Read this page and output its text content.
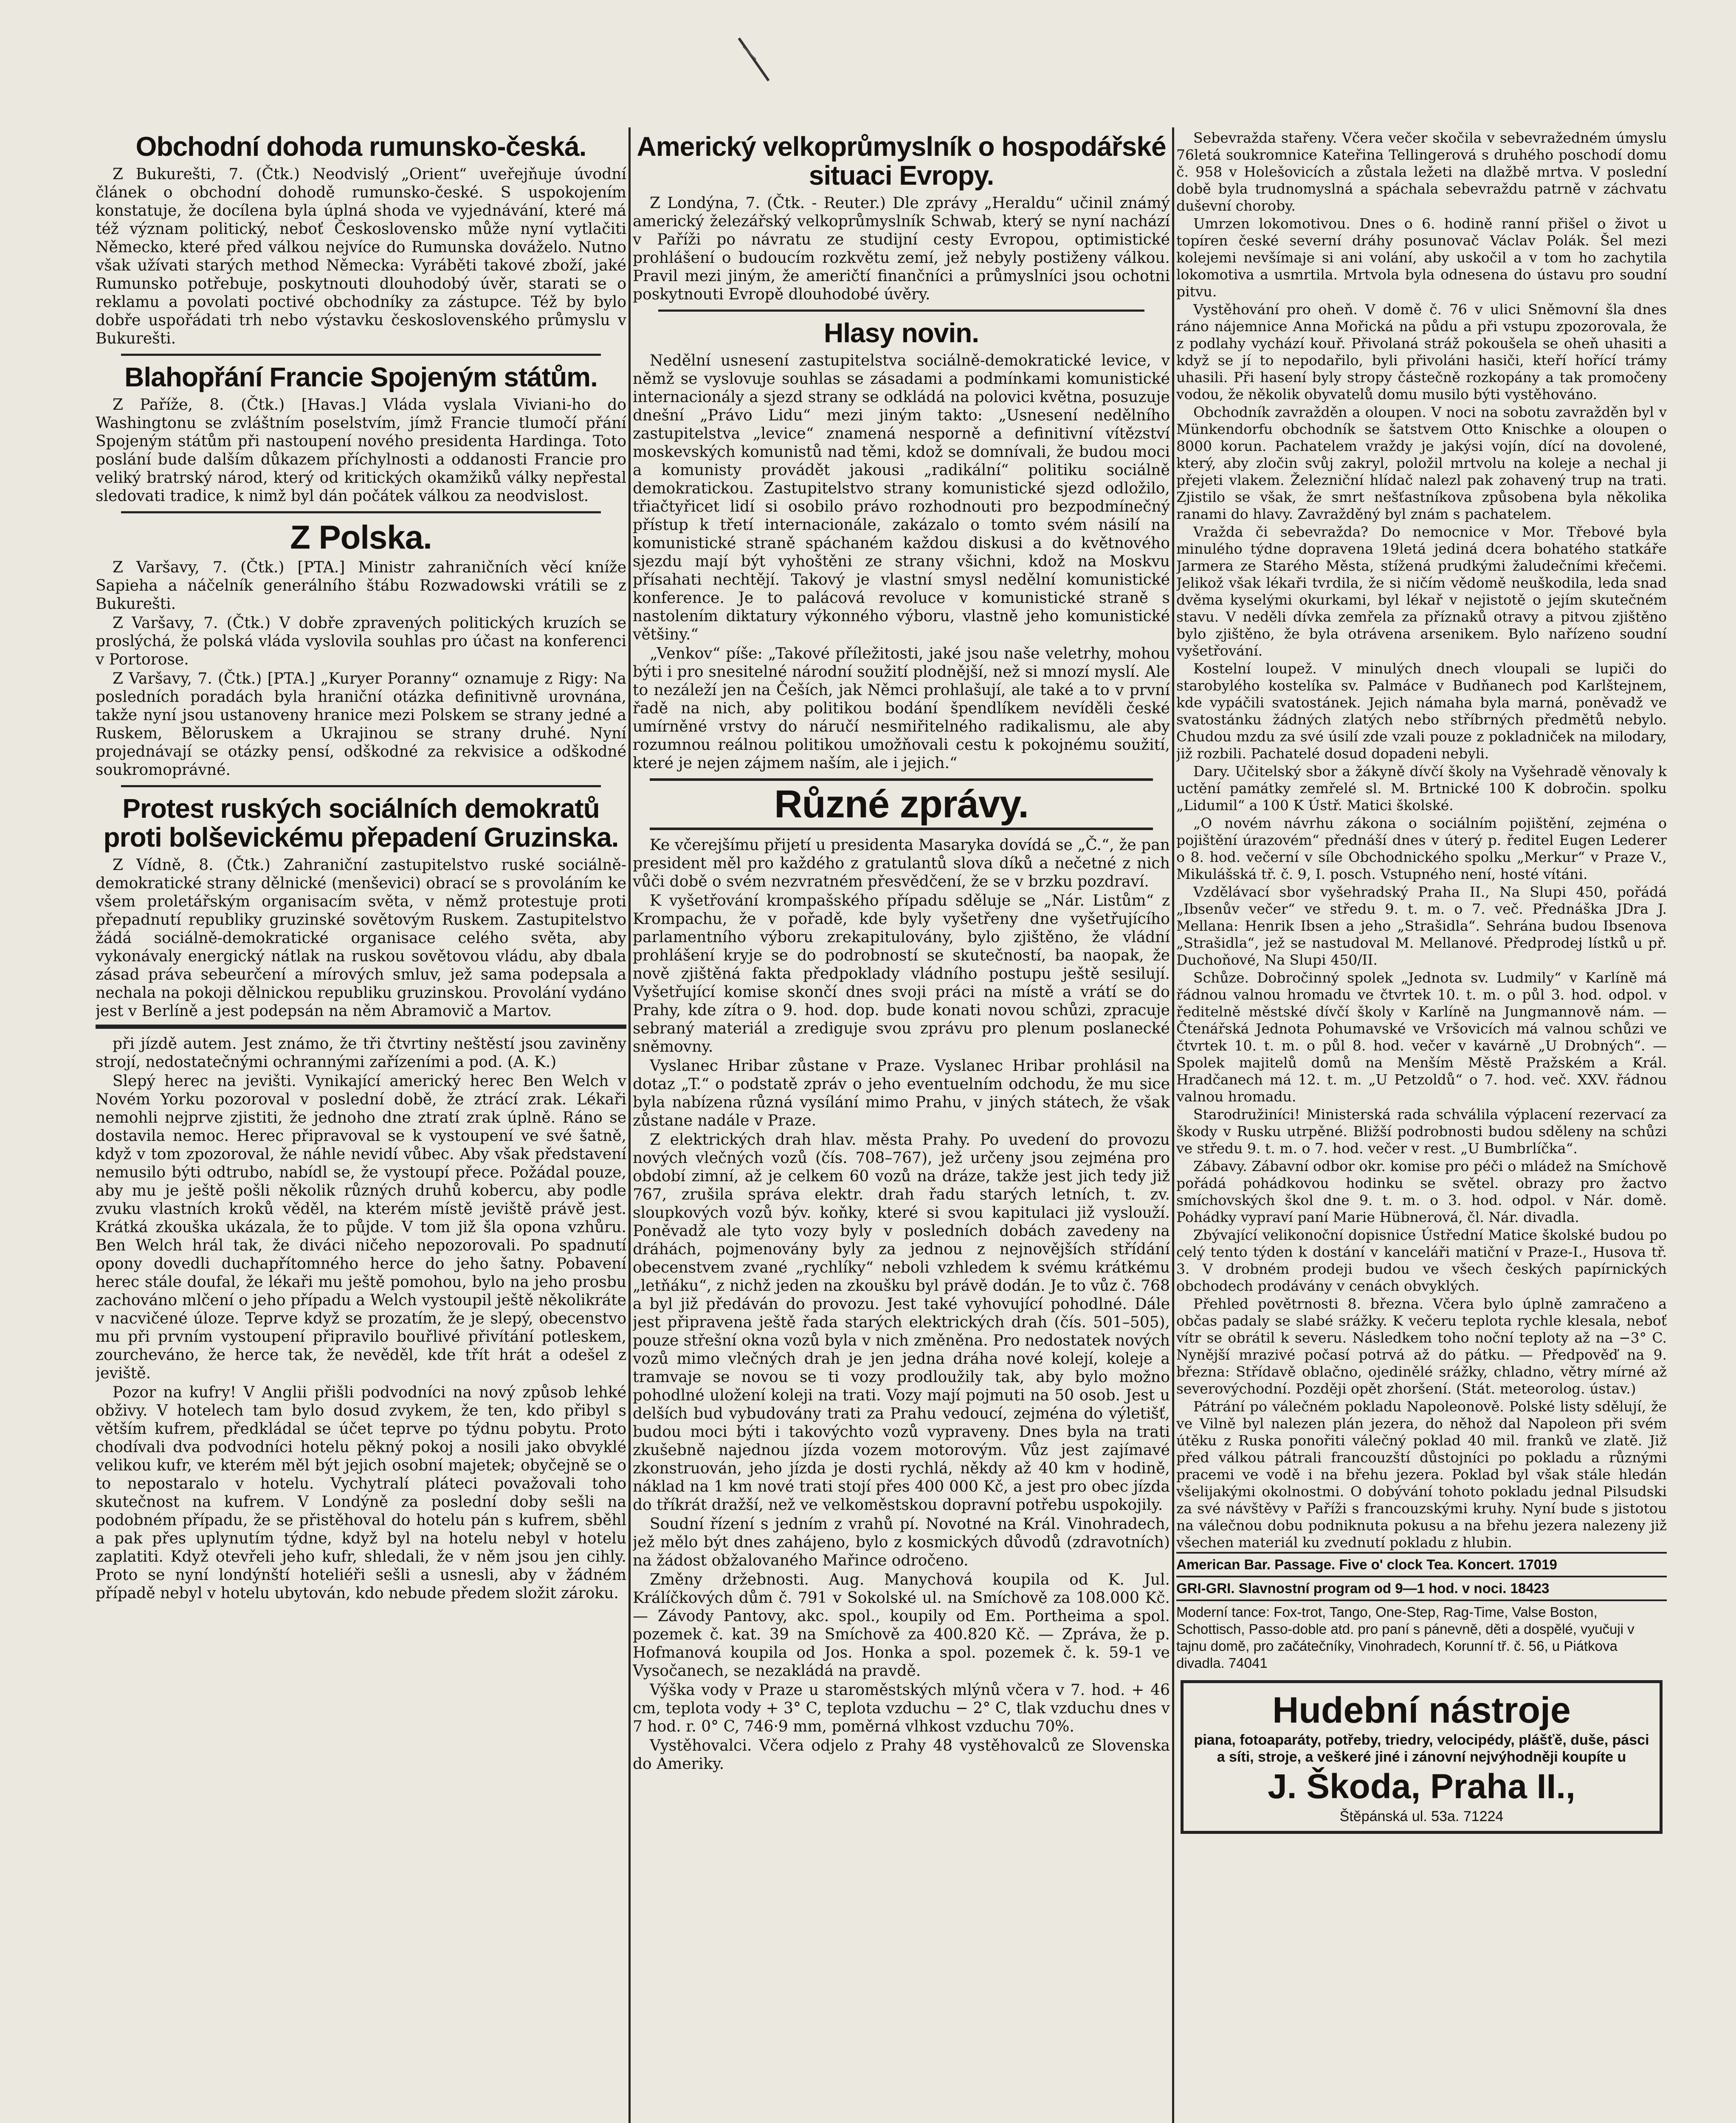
Obchodní dohoda rumunsko-česká.

Z Bukurešti, 7. (Čtk.) Neodvislý „Orient“ uveřejňuje úvodní článek o obchodní dohodě rumunsko-české. S uspokojením konstatuje, že docílena byla úplná shoda ve vyjednávání, které má též význam politický, neboť Československo může nyní vytlačiti Německo, které před válkou nejvíce do Rumunska dováželo. Nutno však užívati starých method Německa: Vyráběti takové zboží, jaké Rumunsko potřebuje, poskytnouti dlouhodobý úvěr, starati se o reklamu a povolati poctivé obchodníky za zástupce. Též by bylo dobře uspořádati trh nebo výstavku československého průmyslu v Bukurešti.

Blahopřání Francie Spojeným státům.

Z Paříže, 8. (Čtk.) [Havas.] Vláda vyslala Viviani-ho do Washingtonu se zvláštním poselstvím, jímž Francie tlumočí přání Spojeným státům při nastoupení nového presidenta Hardinga. Toto poslání bude dalším důkazem příchylnosti a oddanosti Francie pro veliký bratrský národ, který od kritických okamžiků války nepřestal sledovati tradice, k nimž byl dán počátek válkou za neodvislost.

Z Polska.

Z Varšavy, 7. (Čtk.) [PTA.] Ministr zahraničních věcí kníže Sapieha a náčelník generálního štábu Rozwadowski vrátili se z Bukurešti.

Z Varšavy, 7. (Čtk.) V dobře zpravených politických kruzích se proslýchá, že polská vláda vyslovila souhlas pro účast na konferenci v Portorose.

Z Varšavy, 7. (Čtk.) [PTA.] „Kuryer Poranny“ oznamuje z Rigy: Na posledních poradách byla hraniční otázka definitivně urovnána, takže nyní jsou ustanoveny hranice mezi Polskem se strany jedné a Ruskem, Běloruskem a Ukrajinou se strany druhé. Nyní projednávají se otázky pensí, odškodné za rekvisice a odškodné soukromoprávné.

Protest ruských sociálních demokratů proti bolševickému přepadení Gruzinska.

Z Vídně, 8. (Čtk.) Zahraniční zastupitelstvo ruské sociálně-demokratické strany dělnické (menševici) obrací se s provoláním ke všem proletářským organisacím světa, v němž protestuje proti přepadnutí republiky gruzinské sovětovým Ruskem. Zastupitelstvo žádá sociálně-demokratické organisace celého světa, aby vykonávaly energický nátlak na ruskou sovětovou vládu, aby dbala zásad práva sebeurčení a mírových smluv, jež sama podepsala a nechala na pokoji dělnickou republiku gruzinskou. Provolání vydáno jest v Berlíně a jest podepsán na něm Abramovič a Martov.

při jízdě autem. Jest známo, že tři čtvrtiny neštěstí jsou zaviněny strojí, nedostatečnými ochrannými zařízeními a pod. (A. K.)

Slepý herec na jevišti. Vynikající americký herec Ben Welch v Novém Yorku pozoroval v poslední době, že ztrácí zrak. Lékaři nemohli nejprve zjistiti, že jednoho dne ztratí zrak úplně. Ráno se dostavila nemoc. Herec připravoval se k vystoupení ve své šatně, když v tom zpozoroval, že náhle nevidí vůbec. Aby však představení nemusilo býti odtrubo, nabídl se, že vystoupí přece. Požádal pouze, aby mu je ještě pošli několik různých druhů kobercu, aby podle zvuku vlastních kroků věděl, na kterém místě jeviště právě jest. Krátká zkouška ukázala, že to půjde. V tom již šla opona vzhůru. Ben Welch hrál tak, že diváci ničeho nepozorovali. Po spadnutí opony dovedli duchapřítomného herce do jeho šatny. Pobavení herec stále doufal, že lékaři mu ještě pomohou, bylo na jeho prosbu zachováno mlčení o jeho případu a Welch vystoupil ještě několikráte v nacvičené úloze. Teprve když se prozatím, že je slepý, obecenstvo mu při prvním vystoupení připravilo bouřlivé přivítání potleskem, zourcheváno, že herce tak, že nevěděl, kde třít hrát a odešel z jeviště.

Pozor na kufry! V Anglii přišli podvodníci na nový způsob lehké obživy. V hotelech tam bylo dosud zvykem, že ten, kdo přibyl s větším kufrem, předkládal se účet teprve po týdnu pobytu. Proto chodívali dva podvodníci hotelu pěkný pokoj a nosili jako obvyklé velikou kufr, ve kterém měl být jejich osobní majetek; obyčejně se o to nepostaralo v hotelu. Vychytralí pláteci považovali toho skutečnost na kufrem. V Londýně za poslední doby sešli na podobném případu, že se přistěhoval do hotelu pán s kufrem, sběhl a pak přes uplynutím týdne, když byl na hotelu nebyl v hotelu zaplatiti. Když otevřeli jeho kufr, shledali, že v něm jsou jen cihly. Proto se nyní londýnští hoteliéři sešli a usnesli, aby v žádném případě nebyl v hotelu ubytován, kdo nebude předem složit zároku.

Americký velkoprůmyslník o hospodářské situaci Evropy.

Z Londýna, 7. (Čtk. - Reuter.) Dle zprávy „Heraldu“ učinil známý americký železářský velkoprůmyslník Schwab, který se nyní nachází v Paříži po návratu ze studijní cesty Evropou, optimistické prohlášení o budoucím rozkvětu zemí, jež nebyly postiženy válkou. Pravil mezi jiným, že američtí finančníci a průmyslníci jsou ochotni poskytnouti Evropě dlouhodobé úvěry.

Hlasy novin.

Nedělní usnesení zastupitelstva sociálně-demokratické levice, v němž se vyslovuje souhlas se zásadami a podmínkami komunistické internacionály a sjezd strany se odkládá na polovici května, posuzuje dnešní „Právo Lidu“ mezi jiným takto: „Usnesení nedělního zastupitelstva „levice“ znamená nesporně a definitivní vítězství moskevských komunistů nad těmi, kdož se domnívali, že budou moci a komunisty provádět jakousi „radikální“ politiku sociálně demokratickou. Zastupitelstvo strany komunistické sjezd odložilo, třiačtyřicet lidí si osobilo právo rozhodnouti pro bezpodmínečný přístup k třetí internacionále, zakázalo o tomto svém násilí na komunistické straně spáchaném každou diskusi a do květnového sjezdu mají být vyhoštěni ze strany všichni, kdož na Moskvu přísahati nechtějí. Takový je vlastní smysl nedělní komunistické konference. Je to palácová revoluce v komunistické straně s nastolením diktatury výkonného výboru, vlastně jeho komunistické většiny.“

„Venkov“ píše: „Takové příležitosti, jaké jsou naše veletrhy, mohou býti i pro snesitelné národní soužití plodnější, než si mnozí myslí. Ale to nezáleží jen na Češích, jak Němci prohlašují, ale také a to v první řadě na nich, aby politikou bodání špendlíkem nevíděli české umírněné vrstvy do náručí nesmiřitelného radikalismu, ale aby rozumnou reálnou politikou umožňovali cestu k pokojnému soužití, které je nejen zájmem naším, ale i jejich.“

Různé zprávy.

Ke včerejšímu přijetí u presidenta Masaryka dovídá se „Č.“, že pan president měl pro každého z gratulantů slova díků a nečetné z nich vůči době o svém nezvratném přesvědčení, že se v brzku pozdraví.

K vyšetřování krompašského případu sděluje se „Nár. Listům“ z Krompachu, že v pořadě, kde byly vyšetřeny dne vyšetřujícího parlamentního výboru zrekapitulovány, bylo zjištěno, že vládní prohlášení kryje se do podrobností se skutečností, ba naopak, že nově zjištěná fakta předpoklady vládního postupu ještě sesilují. Vyšetřující komise skončí dnes svoji práci na místě a vrátí se do Prahy, kde zítra o 9. hod. dop. bude konati novou schůzi, zpracuje sebraný materiál a zrediguje svou zprávu pro plenum poslanecké sněmovny.

Vyslanec Hribar zůstane v Praze. Vyslanec Hribar prohlásil na dotaz „T.“ o podstatě zpráv o jeho eventuelním odchodu, že mu sice byla nabízena různá vysílání mimo Prahu, v jiných státech, že však zůstane nadále v Praze.

Z elektrických drah hlav. města Prahy. Po uvedení do provozu nových vlečných vozů (čís. 708–767), jež určeny jsou zejména pro období zimní, až je celkem 60 vozů na dráze, takže jest jich tedy již 767, zrušila správa elektr. drah řadu starých letních, t. zv. sloupkových vozů býv. koňky, které si svou kapitulaci již vyslouží. Poněvadž ale tyto vozy byly v posledních dobách zavedeny na dráhách, pojmenovány byly za jednou z nejnovějších střídání obecenstvem zvané „rychlíky“ neboli vzhledem k svému krátkému „letňáku“, z nichž jeden na zkoušku byl právě dodán. Je to vůz č. 768 a byl již předáván do provozu. Jest také vyhovující pohodlné. Dále jest připravena ještě řada starých elektrických drah (čís. 501–505), pouze střešní okna vozů byla v nich změněna. Pro nedostatek nových vozů mimo vlečných drah je jen jedna dráha nové kolejí, koleje a tramvaje se novou se ti vozy prodloužily tak, aby bylo možno pohodlné uložení koleji na trati. Vozy mají pojmuti na 50 osob. Jest u delších bud vybudovány trati za Prahu vedoucí, zejména do výletišť, budou moci býti i takovýchto vozů vypraveny. Dnes byla na trati zkušebně najednou jízda vozem motorovým. Vůz jest zajímavé zkonstruován, jeho jízda je dosti rychlá, někdy až 40 km v hodině, náklad na 1 km nové trati stojí přes 400 000 Kč, a jest pro obec jízda do tříkrát dražší, než ve velkoměstskou dopravní potřebu uspokojily.

Soudní řízení s jedním z vrahů pí. Novotné na Král. Vinohradech, jež mělo být dnes zahájeno, bylo z kosmických důvodů (zdravotních) na žádost obžalovaného Mařince odročeno.

Změny držebnosti. Aug. Manychová koupila od K. Jul. Králíčkových dům č. 791 v Sokolské ul. na Smíchově za 108.000 Kč. — Závody Pantovy, akc. spol., koupily od Em. Portheima a spol. pozemek č. kat. 39 na Smíchově za 400.820 Kč. — Zpráva, že p. Hofmanová koupila od Jos. Honka a spol. pozemek č. k. 59-1 ve Vysočanech, se nezakládá na pravdě.

Výška vody v Praze u staroměstských mlýnů včera v 7. hod. + 46 cm, teplota vody + 3° C, teplota vzduchu − 2° C, tlak vzduchu dnes v 7 hod. r. 0° C, 746·9 mm, poměrná vlhkost vzduchu 70%.

Vystěhovalci. Včera odjelo z Prahy 48 vystěhovalců ze Slovenska do Ameriky.

Sebevražda stařeny. Včera večer skočila v sebevražedném úmyslu 76letá soukromnice Kateřina Tellingerová s druhého poschodí domu č. 958 v Holešovicích a zůstala ležeti na dlažbě mrtva. V poslední době byla trudnomyslná a spáchala sebevraždu patrně v záchvatu duševní choroby.

Umrzen lokomotivou. Dnes o 6. hodině ranní přišel o život u topíren české severní dráhy posunovač Václav Polák. Šel mezi kolejemi nevšímaje si ani volání, aby uskočil a v tom ho zachytila lokomotiva a usmrtila. Mrtvola byla odnesena do ústavu pro soudní pitvu.

Vystěhování pro oheň. V domě č. 76 v ulici Sněmovní šla dnes ráno nájemnice Anna Mořická na půdu a při vstupu zpozorovala, že z podlahy vychází kouř. Přivolaná stráž pokoušela se oheň uhasiti a když se jí to nepodařilo, byli přivoláni hasiči, kteří hořící trámy uhasili. Při hasení byly stropy částečně rozkopány a tak promočeny vodou, že několik obyvatelů domu musilo býti vystěhováno.

Obchodník zavražděn a oloupen. V noci na sobotu zavražděn byl v Münkendorfu obchodník se šatstvem Otto Knischke a oloupen o 8000 korun. Pachatelem vraždy je jakýsi vojín, dící na dovolené, který, aby zločin svůj zakryl, položil mrtvolu na koleje a nechal ji přejeti vlakem. Železniční hlídač nalezl pak zohavený trup na trati. Zjistilo se však, že smrt nešťastníkova způsobena byla několika ranami do hlavy. Zavražděný byl znám s pachatelem.

Vražda či sebevražda? Do nemocnice v Mor. Třebové byla minulého týdne dopravena 19letá jediná dcera bohatého statkáře Jarmera ze Starého Města, stížená prudkými žaludečními křečemi. Jelikož však lékaři tvrdila, že si ničím vědomě neuškodila, leda snad dvěma kyselými okurkami, byl lékař v nejistotě o jejím skutečném stavu. V neděli dívka zemřela za příznaků otravy a pitvou zjištěno bylo zjištěno, že byla otrávena arsenikem. Bylo nařízeno soudní vyšetřování.

Kostelní loupež. V minulých dnech vloupali se lupiči do starobylého kostelíka sv. Palmáce v Budňanech pod Karlštejnem, kde vypáčili svatostánek. Jejich námaha byla marná, poněvadž ve svatostánku žádných zlatých nebo stříbrných předmětů nebylo. Chudou mzdu za své úsilí zde vzali pouze z pokladniček na milodary, již rozbili. Pachatelé dosud dopadeni nebyli.

Dary. Učitelský sbor a žákyně dívčí školy na Vyšehradě věnovaly k uctění památky zemřelé sl. M. Brtnické 100 K dobročin. spolku „Lidumil“ a 100 K Ústř. Matici školské.

„O novém návrhu zákona o sociálním pojištění, zejména o pojištění úrazovém“ přednáší dnes v úterý p. ředitel Eugen Lederer o 8. hod. večerní v síle Obchodnického spolku „Merkur“ v Praze V., Mikulášská tř. č. 9, I. posch. Vstupného není, hosté vítáni.

Vzdělávací sbor vyšehradský Praha II., Na Slupi 450, pořádá „Ibsenův večer“ ve středu 9. t. m. o 7. več. Přednáška JDra J. Mellana: Henrik Ibsen a jeho „Strašidla“. Sehrána budou Ibsenova „Strašidla“, jež se nastudoval M. Mellanové. Předprodej lístků u př. Duchoňové, Na Slupi 450/II.

Schůze. Dobročinný spolek „Jednota sv. Ludmily“ v Karlíně má řádnou valnou hromadu ve čtvrtek 10. t. m. o půl 3. hod. odpol. v ředitelně městské dívčí školy v Karlíně na Jungmannově nám. — Čtenářská Jednota Pohumavské ve Vršovicích má valnou schůzi ve čtvrtek 10. t. m. o půl 8. hod. večer v kavárně „U Drobných“. — Spolek majitelů domů na Menším Městě Pražském a Král. Hradčanech má 12. t. m. „U Petzoldů“ o 7. hod. več. XXV. řádnou valnou hromadu.

Starodružiníci! Ministerská rada schválila výplacení rezervací za škody v Rusku utrpěné. Bližší podrobnosti budou sděleny na schůzi ve středu 9. t. m. o 7. hod. večer v rest. „U Bumbrlíčka“.

Zábavy. Zábavní odbor okr. komise pro péči o mládež na Smíchově pořádá pohádkovou hodinku se světel. obrazy pro žactvo smíchovských škol dne 9. t. m. o 3. hod. odpol. v Nár. domě. Pohádky vypraví paní Marie Hübnerová, čl. Nár. divadla.

Zbývající velikonoční dopisnice Ústřední Matice školské budou po celý tento týden k dostání v kanceláři matiční v Praze-I., Husova tř. 3. V drobném prodeji budou ve všech českých papírnických obchodech prodávány v cenách obvyklých.

Přehled povětrnosti 8. března. Včera bylo úplně zamračeno a občas padaly se slabé srážky. K večeru teplota rychle klesala, neboť vítr se obrátil k severu. Následkem toho noční teploty až na −3° C. Nynější mrazivé počasí potrvá až do pátku. — Předpověď na 9. března: Střídavě oblačno, ojedinělé srážky, chladno, větry mírné až severovýchodní. Později opět zhoršení. (Stát. meteorolog. ústav.)

Pátrání po válečném pokladu Napoleonově. Polské listy sdělují, že ve Vilně byl nalezen plán jezera, do něhož dal Napoleon při svém útěku z Ruska ponořiti válečný poklad 40 mil. franků ve zlatě. Již před válkou pátrali francouzští důstojníci po pokladu a různými pracemi ve vodě i na břehu jezera. Poklad byl však stále hledán všelijakými okolnostmi. O dobývání tohoto pokladu jednal Pilsudski za své návštěvy v Paříži s francouzskými kruhy. Nyní bude s jistotou na válečnou dobu podniknuta pokusu a na břehu jezera nalezeny již všechen materiál ku zvednutí pokladu z hlubin.

American Bar. Passage. Five o' clock Tea. Koncert. 17019
GRI-GRI. Slavnostní program od 9—1 hod. v noci. 18423
Moderní tance: Fox-trot, Tango, One-Step, Rag-Time, Valse Boston, Schottisch, Passo-doble atd. pro paní s pánevně, děti a dospělé, vyučuji v tajnu domě, pro začátečníky, Vinohradech, Korunní tř. č. 56, u Piátkova divadla. 74041
Hudební nástroje
piana, fotoaparáty, potřeby, triedry, velocipédy, plášťě, duše, pásci a síti, stroje, a veškeré jiné i zánovní nejvýhodněji koupíte u
J. Škoda, Praha II.,
Štěpánská ul. 53a. 71224
